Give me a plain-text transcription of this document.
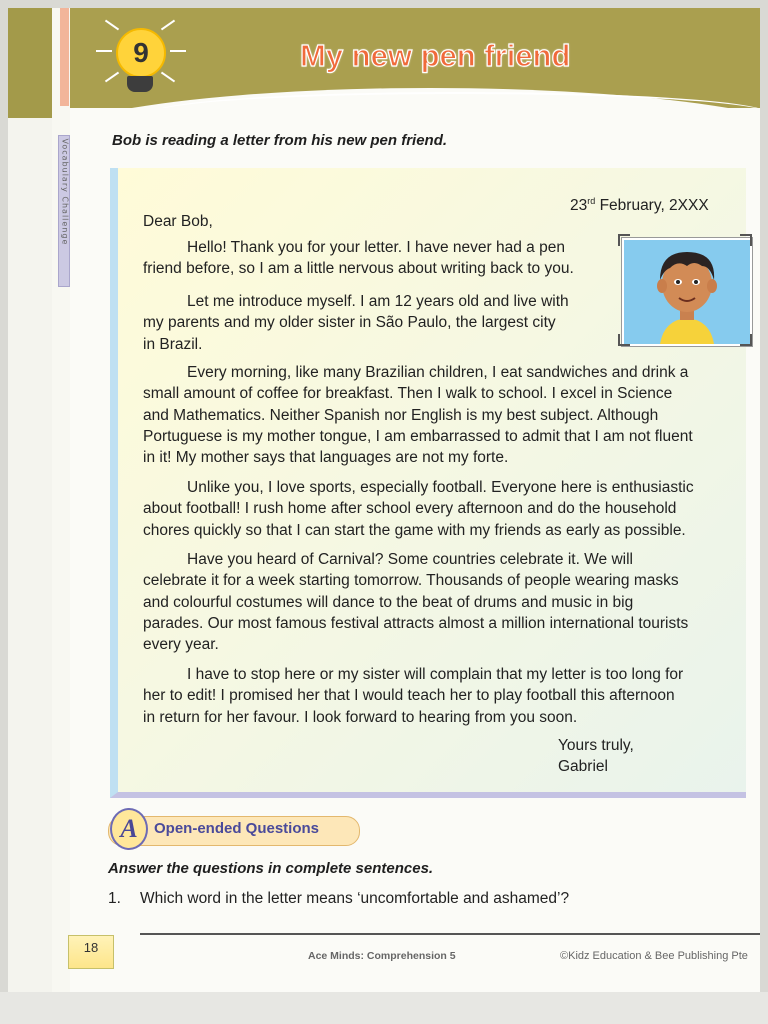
Vocabulary Challenge
9	My new pen friend
Bob is reading a letter from his new pen friend.
23rd February, 2XXX
Dear Bob,
Hello! Thank you for your letter. I have never had a pen
friend before, so I am a little nervous about writing back to you.
Let me introduce myself. I am 12 years old and live with
my parents and my older sister in São Paulo, the largest city
in Brazil.
Every morning, like many Brazilian children, I eat sandwiches and drink a
small amount of coffee for breakfast. Then I walk to school. I excel in Science
and Mathematics. Neither Spanish nor English is my best subject. Although
Portuguese is my mother tongue, I am embarrassed to admit that I am not fluent
in it! My mother says that languages are not my forte.
Unlike you, I love sports, especially football. Everyone here is enthusiastic
about football! I rush home after school every afternoon and do the household
chores quickly so that I can start the game with my friends as early as possible.
Have you heard of Carnival? Some countries celebrate it. We will
celebrate it for a week starting tomorrow. Thousands of people wearing masks
and colourful costumes will dance to the beat of drums and music in big
parades. Our most famous festival attracts almost a million international tourists
every year.
I have to stop here or my sister will complain that my letter is too long for
her to edit! I promised her that I would teach her to play football this afternoon
in return for her favour. I look forward to hearing from you soon.
Yours truly,
Gabriel
A	Open-ended Questions
Answer the questions in complete sentences.
1. Which word in the letter means ‘uncomfortable and ashamed’?
18
Ace Minds: Comprehension 5	©Kidz Education & Bee Publishing Pte
